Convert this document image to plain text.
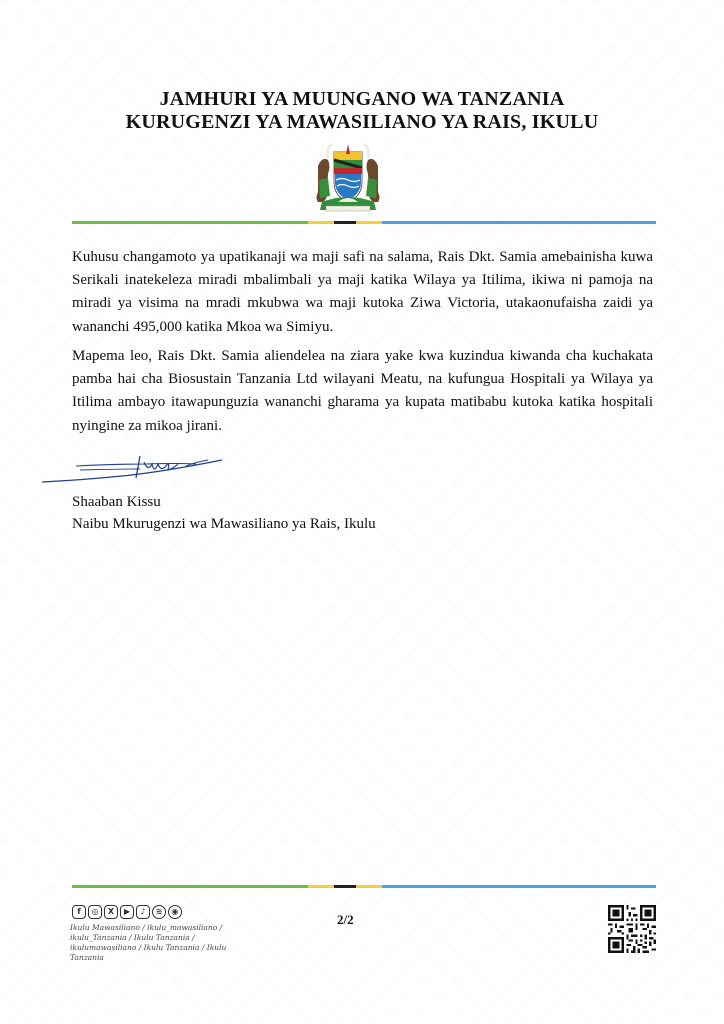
JAMHURI YA MUUNGANO WA TANZANIA
KURUGENZI YA MAWASILIANO YA RAIS, IKULU

Kuhusu changamoto ya upatikanaji wa maji safi na salama, Rais Dkt. Samia amebainisha kuwa Serikali inatekeleza miradi mbalimbali ya maji katika Wilaya ya Itilima, ikiwa ni pamoja na miradi ya visima na mradi mkubwa wa maji kutoka Ziwa Victoria, utakaonufaisha zaidi ya wananchi 495,000 katika Mkoa wa Simiyu.

Mapema leo, Rais Dkt. Samia aliendelea na ziara yake kwa kuzindua kiwanda cha kuchakata pamba hai cha Biosustain Tanzania Ltd wilayani Meatu, na kufungua Hospitali ya Wilaya ya Itilima ambayo itawapunguzia wananchi gharama ya kupata matibabu kutoka katika hospitali nyingine za mikoa jirani.

Shaaban Kissu
Naibu Mkurugenzi wa Mawasiliano ya Rais, Ikulu
f	◎	X	▶	♪	≋	◉
Ikulu Mawasiliano / ikulu_mawasiliano /
ikulu_Tanzania / Ikulu Tanzania /
ikulumawasiliano / Ikulu Tanzania / Ikulu Tanzania
2/2
